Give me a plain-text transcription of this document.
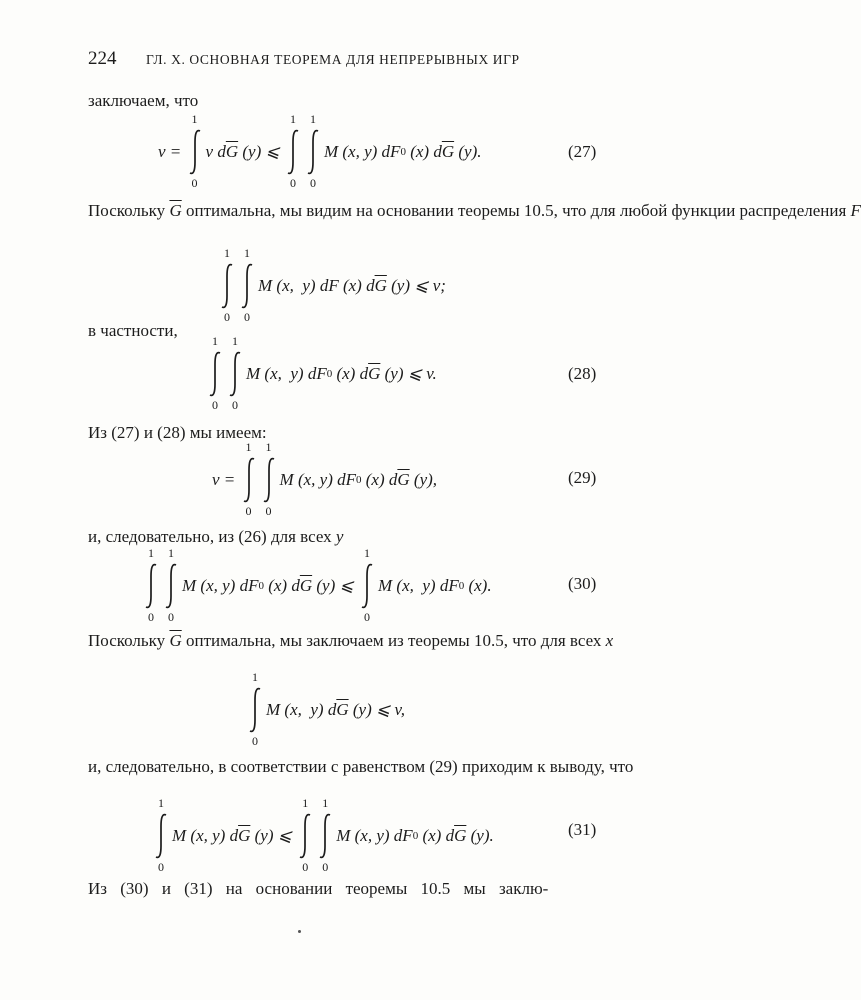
224 ГЛ. X. ОСНОВНАЯ ТЕОРЕМА ДЛЯ НЕПРЕРЫВНЫХ ИГР
заключаем, что
v =
1
0
v d $\overline{G}$ (y) ⩽
1
0
1
0
M (x, y) dF 0 (x) d $\overline{G}$ (y).	(27)
Поскольку $\overline{G}$ оптимальна, мы видим на основании теоремы 10.5, что для любой функции распределения F
1
0
1
0
M (x,  y) dF (x) d $\overline{G}$ (y) ⩽ v;
в частности,
1
0
1
0
M (x,  y) dF 0 (x) d $\overline{G}$ (y) ⩽ v.	(28)
Из (27) и (28) мы имеем:
v =
1
0
1
0
M (x, y) dF 0 (x) d $\overline{G}$ (y),	(29)
и, следовательно, из (26) для всех y
1
0
1
0
M (x, y) dF 0 (x) d $\overline{G}$ (y) ⩽
1
0
M (x,  y) dF 0 (x).	(30)
Поскольку $\overline{G}$ оптимальна, мы заключаем из теоремы 10.5, что для всех x
1
0
M (x,  y) d $\overline{G}$ (y) ⩽ v,
и, следовательно, в соответствии с равенством (29) приходим к выводу, что
1
0
M (x, y) d $\overline{G}$ (y) ⩽
1
0
1
0
M (x, y) dF 0 (x) d $\overline{G}$ (y).	(31)
Из (30) и (31) на основании теоремы 10.5 мы заклю-
